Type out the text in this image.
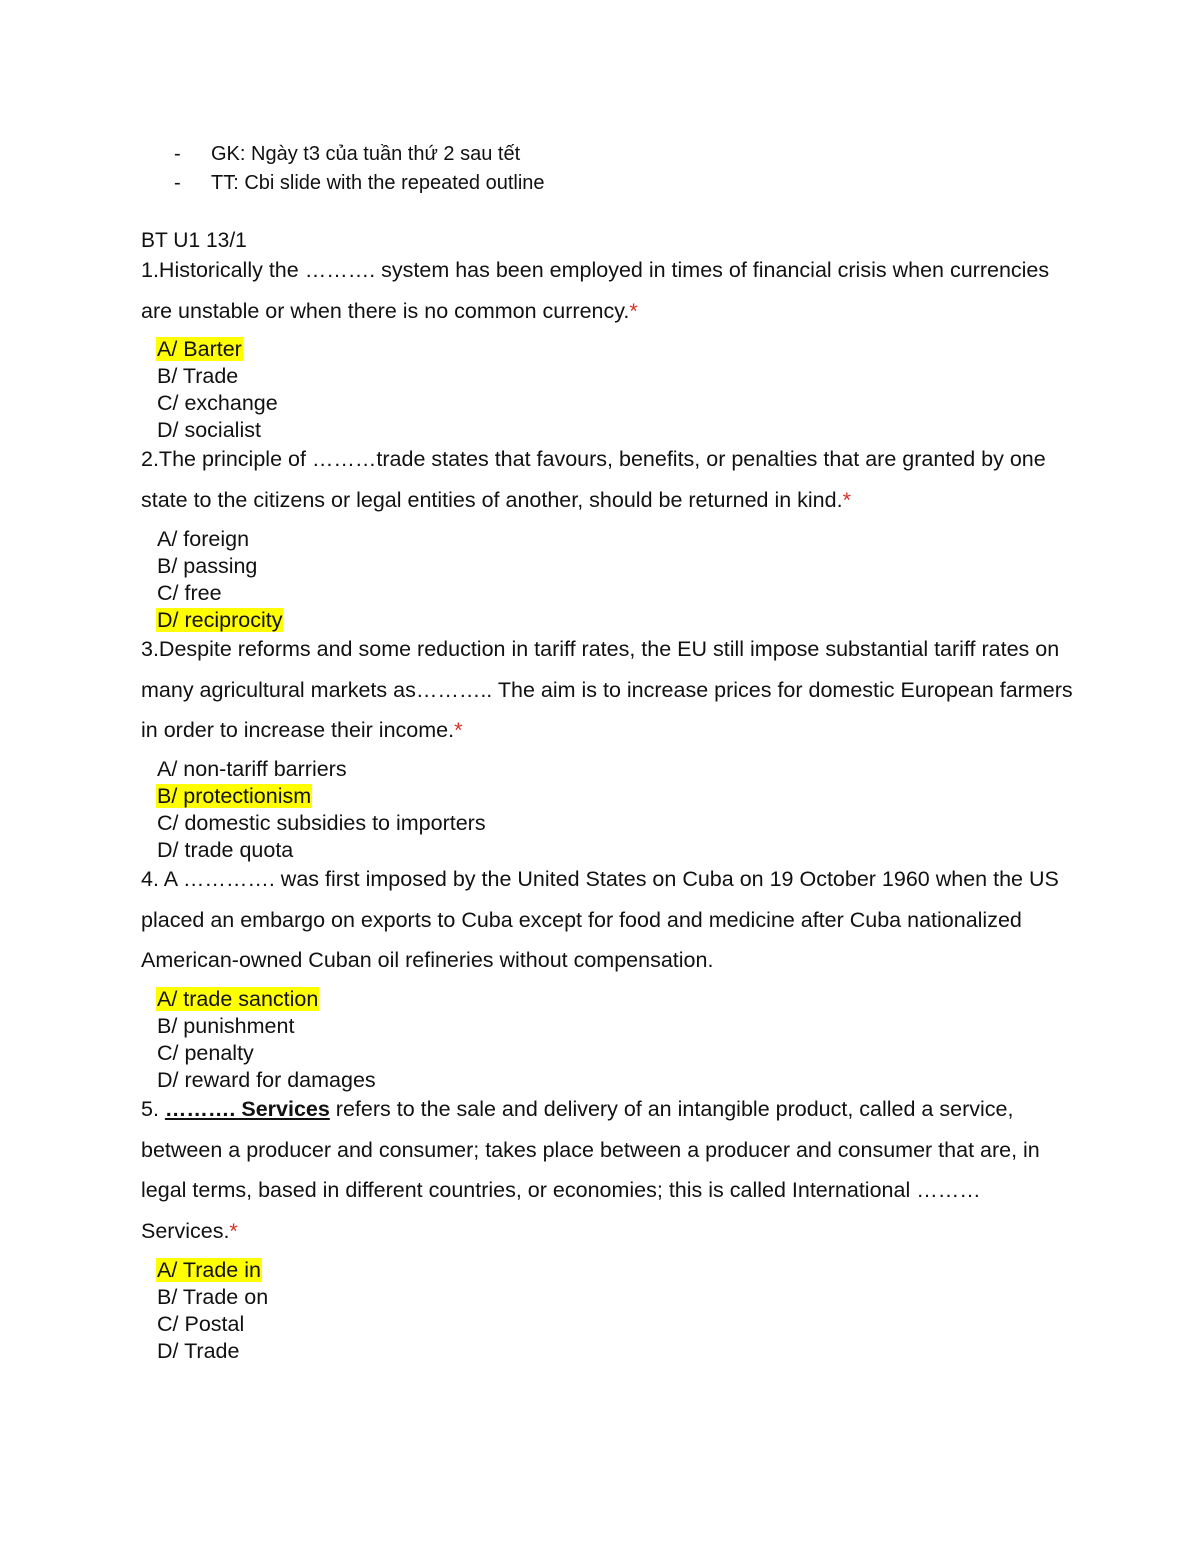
- GK: Ngày t3 của tuần thứ 2 sau tết
- TT: Cbi slide with the repeated outline
BT U1 13/1
1.Historically the ………. system has been employed in times of financial crisis when currencies are unstable or when there is no common currency.*
A/ Barter
B/ Trade
C/ exchange
D/ socialist
2.The principle of ………trade states that favours, benefits, or penalties that are granted by one state to the citizens or legal entities of another, should be returned in kind.*
A/ foreign
B/ passing
C/ free
D/ reciprocity
3.Despite reforms and some reduction in tariff rates, the EU still impose substantial tariff rates on many agricultural markets as……….. The aim is to increase prices for domestic European farmers in order to increase their income.*
A/ non-tariff barriers
B/ protectionism
C/ domestic subsidies to importers
D/ trade quota
4. A …………. was first imposed by the United States on Cuba on 19 October 1960 when the US placed an embargo on exports to Cuba except for food and medicine after Cuba nationalized American-owned Cuban oil refineries without compensation.
A/ trade sanction
B/ punishment
C/ penalty
D/ reward for damages
5. ………. Services refers to the sale and delivery of an intangible product, called a service, between a producer and consumer; takes place between a producer and consumer that are, in legal terms, based in different countries, or economies; this is called International ………Services.*
A/ Trade in
B/ Trade on
C/ Postal
D/ Trade
